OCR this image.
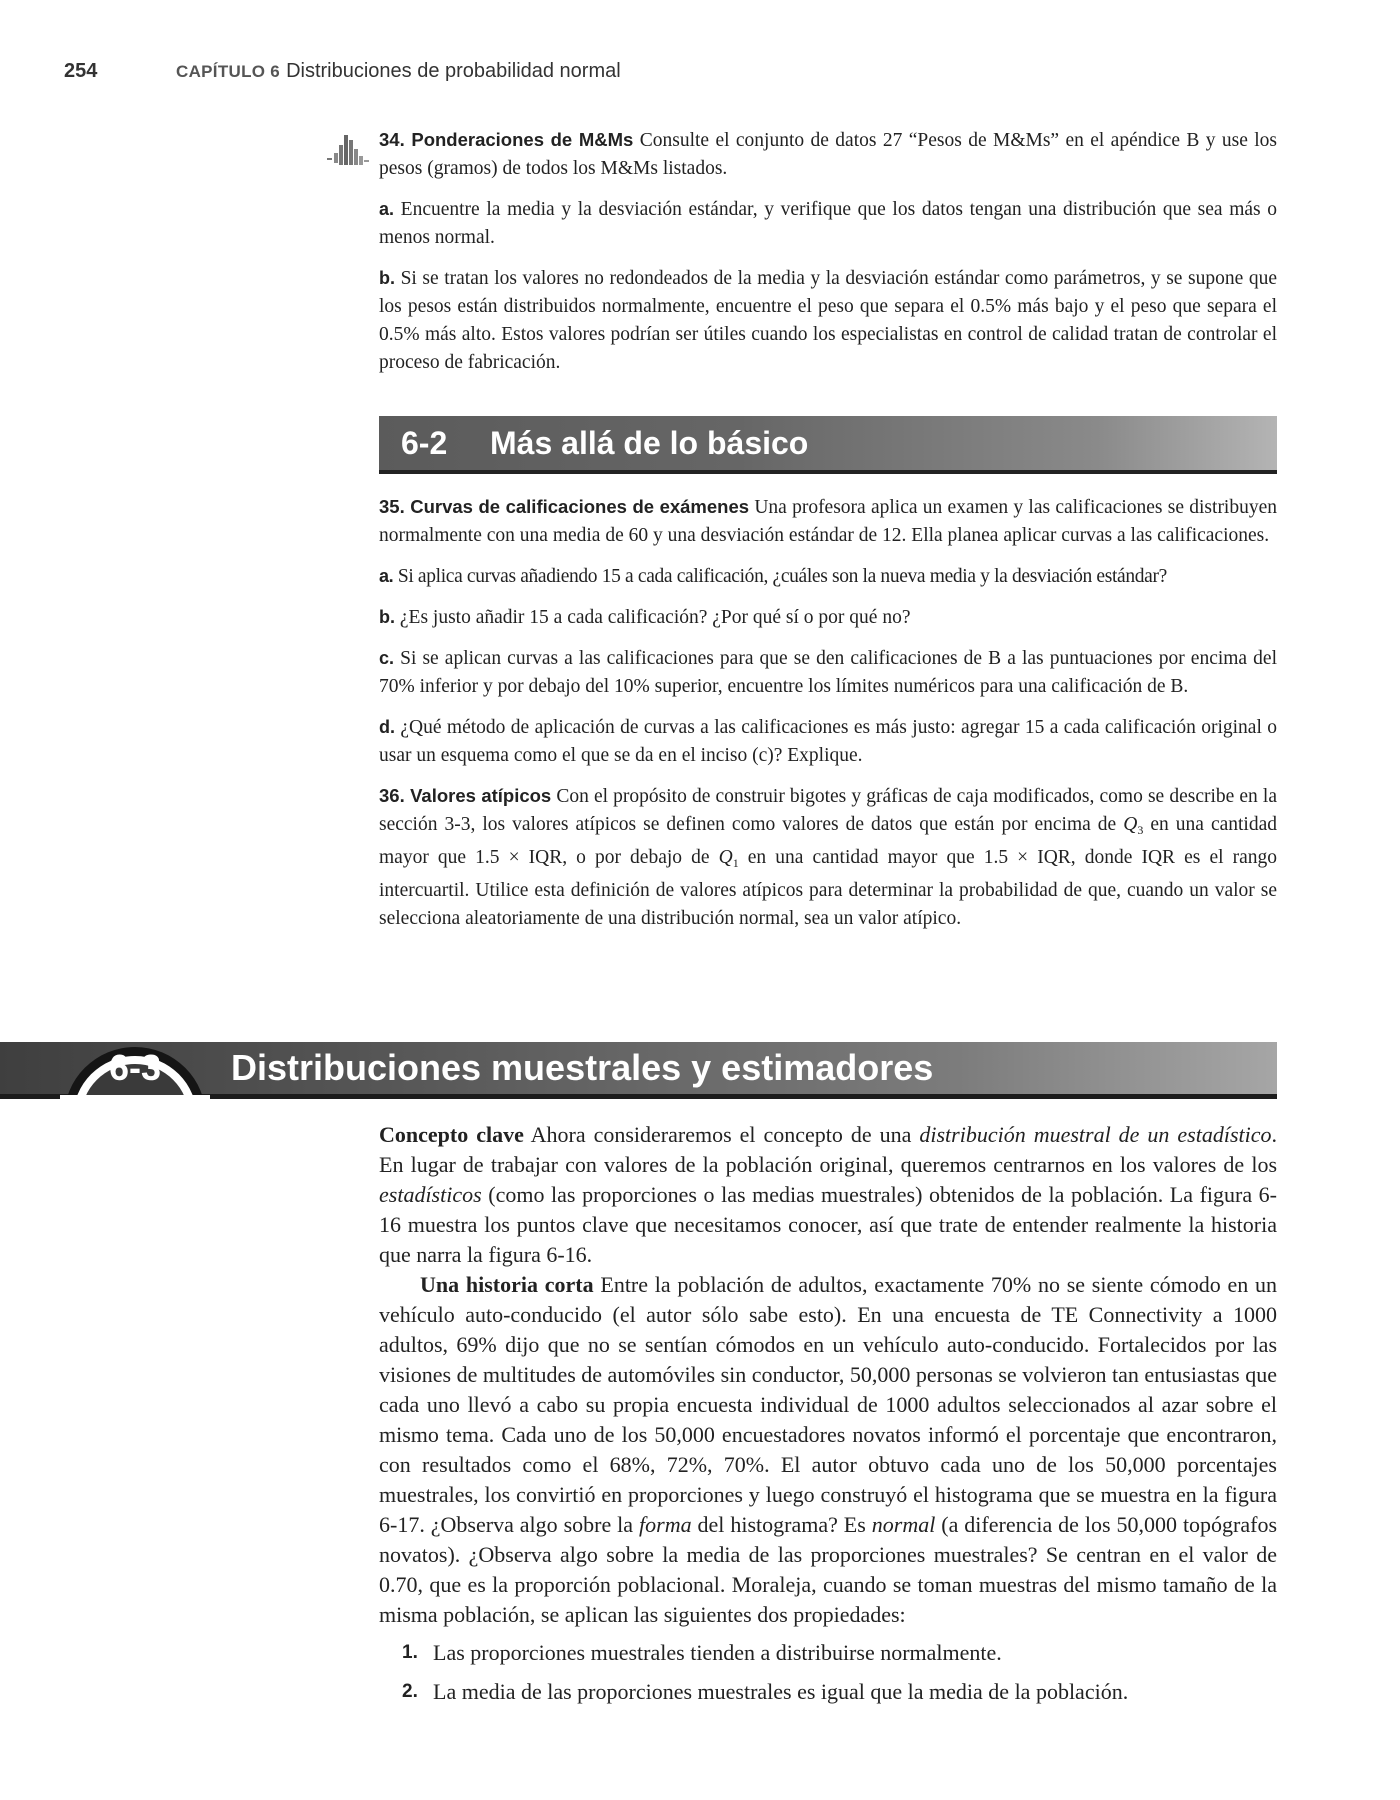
254	CAPÍTULO 6 Distribuciones de probabilidad normal

34. Ponderaciones de M&Ms Consulte el conjunto de datos 27 “Pesos de M&Ms” en el apéndice B y use los pesos (gramos) de todos los M&Ms listados.

a. Encuentre la media y la desviación estándar, y verifique que los datos tengan una distribución que sea más o menos normal.

b. Si se tratan los valores no redondeados de la media y la desviación estándar como parámetros, y se supone que los pesos están distribuidos normalmente, encuentre el peso que separa el 0.5% más bajo y el peso que separa el 0.5% más alto. Estos valores podrían ser útiles cuando los especialistas en control de calidad tratan de controlar el proceso de fabricación.

6-2 Más allá de lo básico

35. Curvas de calificaciones de exámenes Una profesora aplica un examen y las calificaciones se distribuyen normalmente con una media de 60 y una desviación estándar de 12. Ella planea aplicar curvas a las calificaciones.

a. Si aplica curvas añadiendo 15 a cada calificación, ¿cuáles son la nueva media y la desviación estándar?

b. ¿Es justo añadir 15 a cada calificación? ¿Por qué sí o por qué no?

c. Si se aplican curvas a las calificaciones para que se den calificaciones de B a las puntuaciones por encima del 70% inferior y por debajo del 10% superior, encuentre los límites numéricos para una calificación de B.

d. ¿Qué método de aplicación de curvas a las calificaciones es más justo: agregar 15 a cada calificación original o usar un esquema como el que se da en el inciso (c)? Explique.

36. Valores atípicos Con el propósito de construir bigotes y gráficas de caja modificados, como se describe en la sección 3-3, los valores atípicos se definen como valores de datos que están por encima de $Q_3$ en una cantidad mayor que 1.5 × IQR, o por debajo de $Q_1$ en una cantidad mayor que 1.5 × IQR, donde IQR es el rango intercuartil. Utilice esta definición de valores atípicos para determinar la probabilidad de que, cuando un valor se selecciona aleatoriamente de una distribución normal, sea un valor atípico.

6-3	Distribuciones muestrales y estimadores

Concepto clave Ahora consideraremos el concepto de una distribución muestral de un estadístico. En lugar de trabajar con valores de la población original, queremos centrarnos en los valores de los estadísticos (como las proporciones o las medias muestrales) obtenidos de la población. La figura 6-16 muestra los puntos clave que necesitamos conocer, así que trate de entender realmente la historia que narra la figura 6-16.

Una historia corta Entre la población de adultos, exactamente 70% no se siente cómodo en un vehículo auto-conducido (el autor sólo sabe esto). En una encuesta de TE Connectivity a 1000 adultos, 69% dijo que no se sentían cómodos en un vehículo auto-conducido. Fortalecidos por las visiones de multitudes de automóviles sin conductor, 50,000 personas se volvieron tan entusiastas que cada uno llevó a cabo su propia encuesta individual de 1000 adultos seleccionados al azar sobre el mismo tema. Cada uno de los 50,000 encuestadores novatos informó el porcentaje que encontraron, con resultados como el 68%, 72%, 70%. El autor obtuvo cada uno de los 50,000 porcentajes muestrales, los convirtió en proporciones y luego construyó el histograma que se muestra en la figura 6-17. ¿Observa algo sobre la forma del histograma? Es normal (a diferencia de los 50,000 topógrafos novatos). ¿Observa algo sobre la media de las proporciones muestrales? Se centran en el valor de 0.70, que es la proporción poblacional. Moraleja, cuando se toman muestras del mismo tamaño de la misma población, se aplican las siguientes dos propiedades:

1. Las proporciones muestrales tienden a distribuirse normalmente.
2. La media de las proporciones muestrales es igual que la media de la población.
